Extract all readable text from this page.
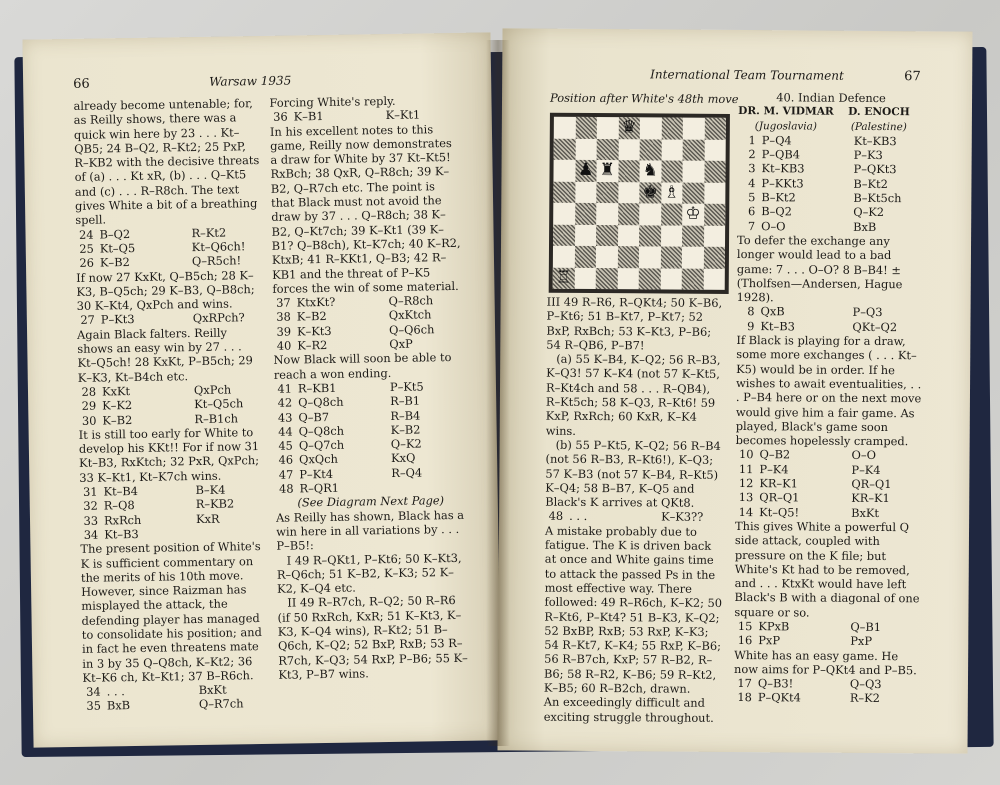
66	Warsaw 1935

already become untenable; for, as Reilly shows, there was a quick win here by 23 . . . Kt–QB5; 24 B–Q2, R–Kt2; 25 PxP, R–KB2 with the decisive threats of (a) . . . Kt xR, (b) . . . Q–Kt5 and (c) . . . R–R8ch. The text gives White a bit of a breathing spell.

24 B–Q2	R–Kt2
25 Kt–Q5	Kt–Q6ch!
26 K–B2	Q–R5ch!

If now 27 KxKt, Q–B5ch; 28 K–K3, B–Q5ch; 29 K–B3, Q–B8ch; 30 K–Kt4, QxPch and wins.

27 P–Kt3	QxRPch?

Again Black falters. Reilly shows an easy win by 27 . . . Kt–Q5ch! 28 KxKt, P–B5ch; 29 K–K3, Kt–B4ch etc.

28 KxKt	QxPch
29 K–K2	Kt–Q5ch
30 K–B2	R–B1ch

It is still too early for White to develop his KKt!! For if now 31 Kt–B3, RxKtch; 32 PxR, QxPch; 33 K–Kt1, Kt–K7ch wins.

31 Kt–B4	B–K4
32 R–Q8	R–KB2
33 RxRch	KxR
34 Kt–B3

The present position of White's K is sufficient commentary on the merits of his 10th move. However, since Raizman has misplayed the attack, the defending player has managed to consolidate his position; and in fact he even threatens mate in 3 by 35 Q–Q8ch, K–Kt2; 36 Kt–K6 ch, Kt–Kt1; 37 B–R6ch.

34 . . .	BxKt
35 BxB	Q–R7ch

Forcing White's reply.

36 K–B1	K–Kt1

In his excellent notes to this game, Reilly now demonstrates a draw for White by 37 Kt–Kt5! RxBch; 38 QxR, Q–R8ch; 39 K–B2, Q–R7ch etc. The point is that Black must not avoid the draw by 37 . . . Q–R8ch; 38 K–B2, Q–Kt7ch; 39 K–Kt1 (39 K–B1? Q–B8ch), Kt–K7ch; 40 K–R2, KtxB; 41 R–KKt1, Q–B3; 42 R–KB1 and the threat of P–K5 forces the win of some material.

37 KtxKt?	Q–R8ch
38 K–B2	QxKtch
39 K–Kt3	Q–Q6ch
40 K–R2	QxP

Now Black will soon be able to reach a won ending.

41 R–KB1	P–Kt5
42 Q–Q8ch	R–B1
43 Q–B7	R–B4
44 Q–Q8ch	K–B2
45 Q–Q7ch	Q–K2
46 QxQch	KxQ
47 P–Kt4	R–Q4
48 R–QR1

(See Diagram Next Page)

As Reilly has shown, Black has a win here in all variations by . . . P–B5!:

I 49 R–QKt1, P–Kt6; 50 K–Kt3, R–Q6ch; 51 K–B2, K–K3; 52 K–K2, K–Q4 etc.

II 49 R–R7ch, R–Q2; 50 R–R6 (if 50 RxRch, KxR; 51 K–Kt3, K–K3, K–Q4 wins), R–Kt2; 51 B–Q6ch, K–Q2; 52 BxP, RxB; 53 R–R7ch, K–Q3; 54 RxP, P–B6; 55 K–Kt3, P–B7 wins.

International Team Tournament	67
Position after White's 48th move
♛
♟ ♜ ♞
♚ ♗
♔
♖

III 49 R–R6, R–QKt4; 50 K–B6, P–Kt6; 51 B–Kt7, P–Kt7; 52 BxP, RxBch; 53 K–Kt3, P–B6; 54 R–QB6, P–B7!

(a) 55 K–B4, K–Q2; 56 R–B3, K–Q3! 57 K–K4 (not 57 K–Kt5, R–Kt4ch and 58 . . . R–QB4), R–Kt5ch; 58 K–Q3, R–Kt6! 59 KxP, RxRch; 60 KxR, K–K4 wins.

(b) 55 P–Kt5, K–Q2; 56 R–B4 (not 56 R–B3, R–Kt6!), K–Q3; 57 K–B3 (not 57 K–B4, R–Kt5) K–Q4; 58 B–B7, K–Q5 and Black's K arrives at QKt8.

48 . . .	K–K3??

A mistake probably due to fatigue. The K is driven back at once and White gains time to attack the passed Ps in the most effective way. There followed: 49 R–R6ch, K–K2; 50 R–Kt6, P–Kt4? 51 B–K3, K–Q2; 52 BxBP, RxB; 53 RxP, K–K3; 54 R–Kt7, K–K4; 55 RxP, K–B6; 56 R–B7ch, KxP; 57 R–B2, R–B6; 58 R–R2, K–B6; 59 R–Kt2, K–B5; 60 R–B2ch, drawn.

An exceedingly difficult and exciting struggle throughout.

40. Indian Defence

DR. M. VIDMAR	D. ENOCH
(Jugoslavia)	(Palestine)
1 P–Q4	Kt–KB3
2 P–QB4	P–K3
3 Kt–KB3	P–QKt3
4 P–KKt3	B–Kt2
5 B–Kt2	B–Kt5ch
6 B–Q2	Q–K2
7 O–O	BxB

To defer the exchange any longer would lead to a bad game: 7 . . . O–O? 8 B–B4! ± (Tholfsen—Andersen, Hague 1928).

8 QxB	P–Q3
9 Kt–B3	QKt–Q2

If Black is playing for a draw, some more exchanges ( . . . Kt–K5) would be in order. If he wishes to await eventualities, . . . P–B4 here or on the next move would give him a fair game. As played, Black's game soon becomes hopelessly cramped.

10 Q–B2	O–O
11 P–K4	P–K4
12 KR–K1	QR–Q1
13 QR–Q1	KR–K1
14 Kt–Q5!	BxKt

This gives White a powerful Q side attack, coupled with pressure on the K file; but White's Kt had to be removed, and . . . KtxKt would have left Black's B with a diagonal of one square or so.

15 KPxB	Q–B1
16 PxP	PxP

White has an easy game. He now aims for P–QKt4 and P–B5.

17 Q–B3!	Q–Q3
18 P–QKt4	R–K2
